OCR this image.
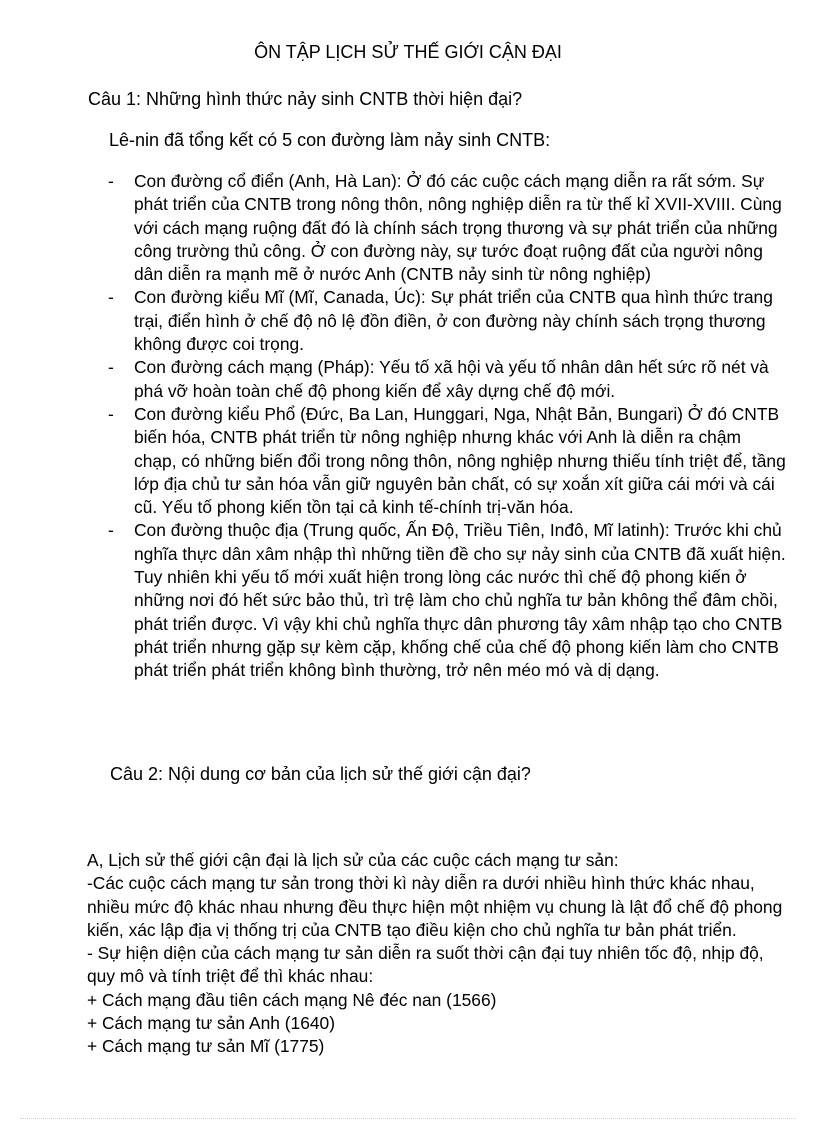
ÔN TẬP LỊCH SỬ THẾ GIỚI CẬN ĐẠI
Câu 1: Những hình thức nảy sinh CNTB thời hiện đại?
Lê-nin đã tổng kết có 5 con đường làm nảy sinh CNTB:
- Con đường cổ điển (Anh, Hà Lan): Ở đó các cuộc cách mạng diễn ra rất sớm. Sự phát triển của CNTB trong nông thôn, nông nghiệp diễn ra từ thế kỉ XVII-XVIII. Cùng với cách mạng ruộng đất đó là chính sách trọng thương và sự phát triển của những công trường thủ công. Ở con đường này, sự tước đoạt ruộng đất của người nông dân diễn ra mạnh mẽ ở nước Anh (CNTB nảy sinh từ nông nghiệp)
- Con đường kiểu Mĩ (Mĩ, Canada, Úc): Sự phát triển của CNTB qua hình thức trang trại, điển hình ở chế độ nô lệ đồn điền, ở con đường này chính sách trọng thương không được coi trọng.
- Con đường cách mạng (Pháp): Yếu tố xã hội và yếu tố nhân dân hết sức rõ nét và phá vỡ hoàn toàn chế độ phong kiến để xây dựng chế độ mới.
- Con đường kiểu Phổ (Đức, Ba Lan, Hunggari, Nga, Nhật Bản, Bungari) Ở đó CNTB biến hóa, CNTB phát triển từ nông nghiệp nhưng khác với Anh là diễn ra chậm chạp, có những biến đổi trong nông thôn, nông nghiệp nhưng thiếu tính triệt để, tầng lớp địa chủ tư sản hóa vẫn giữ nguyên bản chất, có sự xoắn xít giữa cái mới và cái cũ. Yếu tố phong kiến tồn tại cả kinh tế-chính trị-văn hóa.
- Con đường thuộc địa (Trung quốc, Ấn Độ, Triều Tiên, Inđô, Mĩ latinh): Trước khi chủ nghĩa thực dân xâm nhập thì những tiền đề cho sự nảy sinh của CNTB đã xuất hiện. Tuy nhiên khi yếu tố mới xuất hiện trong lòng các nước thì chế độ phong kiến ở những nơi đó hết sức bảo thủ, trì trệ làm cho chủ nghĩa tư bản không thể đâm chồi, phát triển được. Vì vậy khi chủ nghĩa thực dân phương tây xâm nhập tạo cho CNTB phát triển nhưng gặp sự kèm cặp, khống chế của chế độ phong kiến làm cho CNTB phát triển phát triển không bình thường, trở nên méo mó và dị dạng.
Câu 2: Nội dung cơ bản của lịch sử thế giới cận đại?

A, Lịch sử thế giới cận đại là lịch sử của các cuộc cách mạng tư sản:

-Các cuộc cách mạng tư sản trong thời kì này diễn ra dưới nhiều hình thức khác nhau, nhiều mức độ khác nhau nhưng đều thực hiện một nhiệm vụ chung là lật đổ chế độ phong kiến, xác lập địa vị thống trị của CNTB tạo điều kiện cho chủ nghĩa tư bản phát triển.

- Sự hiện diện của cách mạng tư sản diễn ra suốt thời cận đại tuy nhiên tốc độ, nhịp độ, quy mô và tính triệt để thì khác nhau:

+ Cách mạng đầu tiên cách mạng Nê đéc nan (1566)

+ Cách mạng tư sản Anh (1640)

+ Cách mạng tư sản Mĩ (1775)
